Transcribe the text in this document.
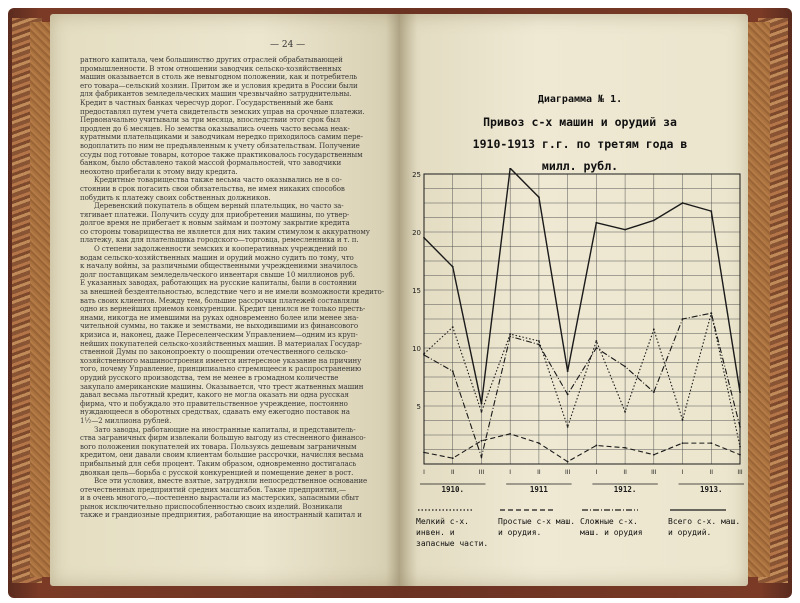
— 24 —
ратного капитала, чем большинство других отраслей обрабатывающей
промышленности. В этом отношении заводчик сельско-хозяйственных
машин оказывается в столь же невыгодном положении, как и потребитель
его товара—сельский хозяин. Притом же и условия кредита в России были
для фабрикантов земледельческих машин чрезвычайно затруднительны.
Кредит в частных банках чересчур дорог. Государственный же банк
предоставлял путем учета свидетельств земских управ на срочные платежи.
Первоначально учитывали за три месяца, впоследствии этот срок был
продлен до 6 месяцев. Но земства оказывались очень часто весьма неак-
куратными плательщиками и заводчикам нередко приходилось самим пере-
водоплатить по ним не предъявленным к учету обязательствам. Получение
ссуды под готовые товары, которое также практиковалось государственным
банком, было обставлено такой массой формальностей, что заводчики
неохотно прибегали к этому виду кредита.
Кредитные товарищества также весьма часто оказывались не в со-
стоянии в срок погасить свои обязательства, не имея никаких способов
побудить к платежу своих собственных должников.
Деревенский покупатель в общем верный плательщик, но часто за-
тягивает платежи. Получить ссуду для приобретения машины, по утвер-
долгое время не прибегает к новым займам и поэтому закрытие кредита
со стороны товарищества не является для них таким стимулом к аккуратному
платежу, как для плательщика городского—торговца, ремесленника и т. п.
О степени задолженности земских и кооперативных учреждений по
водам сельско-хозяйственных машин и орудий можно судить по тому, что
к началу войны, за различными общественными учреждениями значилось
долг поставщикам земледельческого инвентаря свыше 10 миллионов руб.
Е указанных заводах, работающих на русские капиталы, были в состоянии
за внешней бездеятельностью, вследствие чего и не имели возможности кредито-
вать своих клиентов. Между тем, большие рассрочки платежей составляли
одно из вернейших приемов конкуренции. Кредит ценился не только престь-
янами, никогда не имевшими на руках одновременно более или менее зна-
чительной суммы, но также и земствами, не выходившими из финансового
кризиса и, наконец, даже Переселенческим Управлением—одним из круп-
нейших покупателей сельско-хозяйственных машин. В материалах Государ-
ственной Думы по законопроекту о поощрении отечественного сельско-
хозяйственного машиностроения имеется интересное указание на причину
того, почему Управление, принципиально стремящееся к распространению
орудий русского производства, тем не менее в громадном количестве
закупало американские машины. Оказывается, что трест жатвенных машин
давал весьма льготный кредит, какого не могла оказать ни одна русская
фирма, что и побуждало это правительственное учреждение, постоянно
нуждающееся в оборотных средствах, сдавать ему ежегодно поставок на
1½—2 миллиона рублей.
Зато заводы, работающие на иностранные капиталы, и представитель-
ства заграничных фирм извлекали большую выгоду из стесненного финансо-
вого положения покупателей их товара. Пользуясь дешевым заграничным
кредитом, они давали своим клиентам большие рассрочки, начисляя весьма
прибыльный для себя процент. Таким образом, одновременно достигалась
двоякая цель—борьба с русской конкуренцией и помещение денег в рост.
Все эти условия, вместе взятые, затрудняли непосредственное основание
отечественных предприятий средних масштабов. Такие предприятия,—
и в очень многого,—постепенно вырастали из мастерских, запасными сбыт
рынок исключительно приспособленностью своих изделий. Возникали
также и грандиозные предприятия, работающие на иностранный капитал и
Диаграмма № 1.
Привоз с-х машин и орудий за
1910-1913 г.г. по третям года в
милл. рубл.
5
10
15
20
25
I	II	III	I	II	III	I	II	III	I	II	III
1910.	1911	1912.	1913.
Мелкий с-х. инвен. и запасные части.
Простые с-х маш. и орудия.
Сложные с-х. маш. и орудия
Всего с-х. маш. и орудий.
